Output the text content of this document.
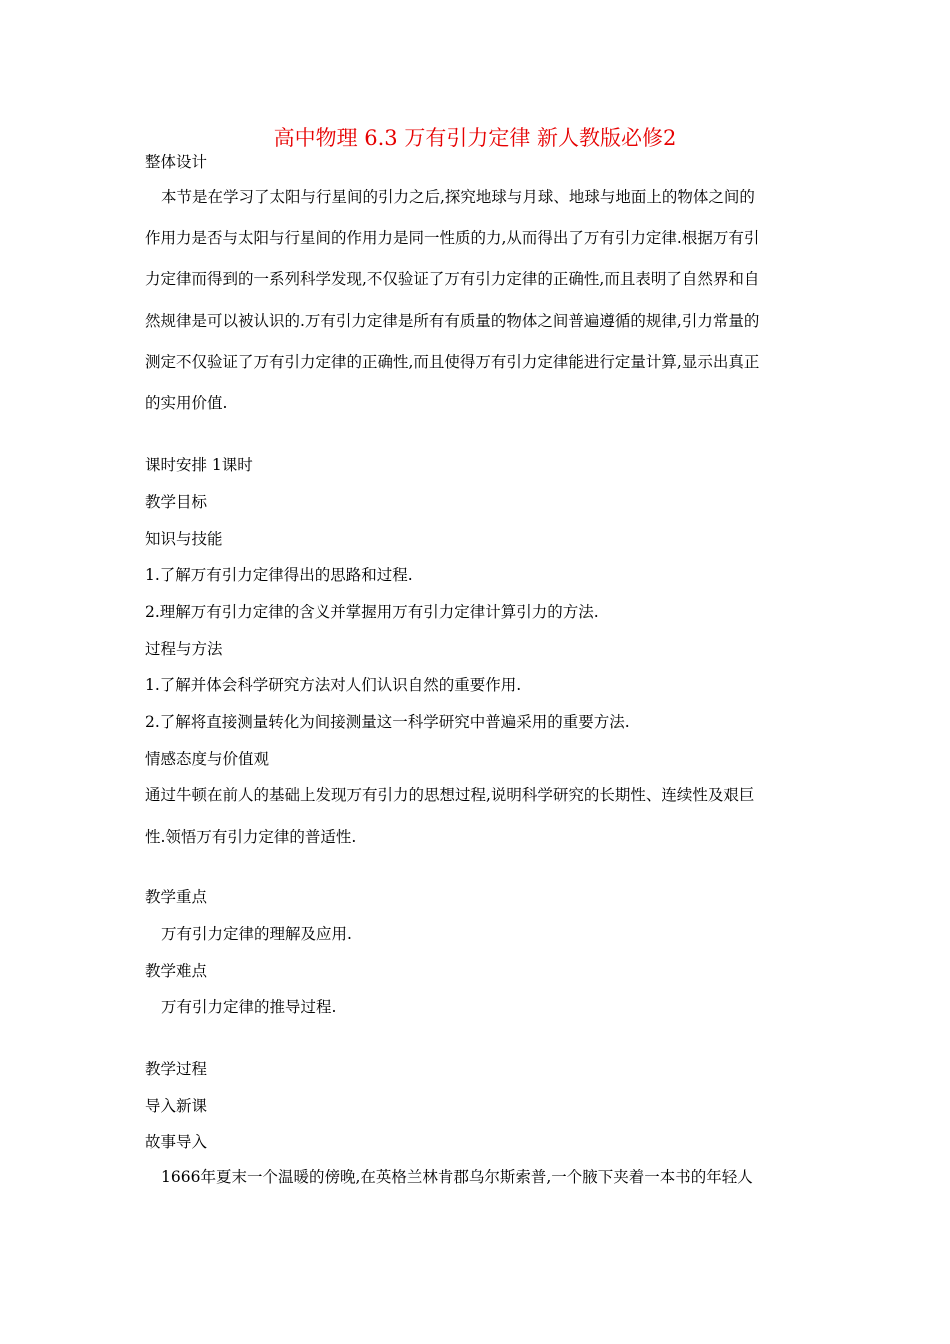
高中物理 6.3 万有引力定律 新人教版必修2
整体设计
本节是在学习了太阳与行星间的引力之后,探究地球与月球、地球与地面上的物体之间的
作用力是否与太阳与行星间的作用力是同一性质的力,从而得出了万有引力定律.根据万有引
力定律而得到的一系列科学发现,不仅验证了万有引力定律的正确性,而且表明了自然界和自
然规律是可以被认识的.万有引力定律是所有有质量的物体之间普遍遵循的规律,引力常量的
测定不仅验证了万有引力定律的正确性,而且使得万有引力定律能进行定量计算,显示出真正
的实用价值.
课时安排 1课时
教学目标
知识与技能
1.了解万有引力定律得出的思路和过程.
2.理解万有引力定律的含义并掌握用万有引力定律计算引力的方法.
过程与方法
1.了解并体会科学研究方法对人们认识自然的重要作用.
2.了解将直接测量转化为间接测量这一科学研究中普遍采用的重要方法.
情感态度与价值观
通过牛顿在前人的基础上发现万有引力的思想过程,说明科学研究的长期性、连续性及艰巨
性.领悟万有引力定律的普适性.
教学重点
万有引力定律的理解及应用.
教学难点
万有引力定律的推导过程.
教学过程
导入新课
故事导入
1666年夏末一个温暖的傍晚,在英格兰林肯郡乌尔斯索普,一个腋下夹着一本书的年轻人
